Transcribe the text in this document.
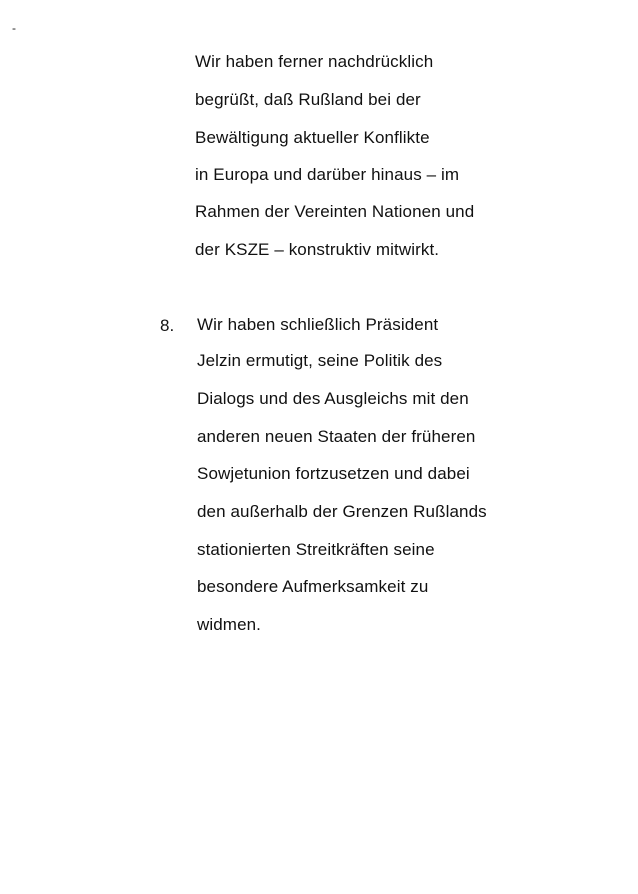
-
Wir haben ferner nachdrücklich
begrüßt, daß Rußland bei der
Bewältigung aktueller Konflikte
in Europa und darüber hinaus – im
Rahmen der Vereinten Nationen und
der KSZE – konstruktiv mitwirkt.
8. Wir haben schließlich Präsident
Jelzin ermutigt, seine Politik des
Dialogs und des Ausgleichs mit den
anderen neuen Staaten der früheren
Sowjetunion fortzusetzen und dabei
den außerhalb der Grenzen Rußlands
stationierten Streitkräften seine
besondere Aufmerksamkeit zu
widmen.
